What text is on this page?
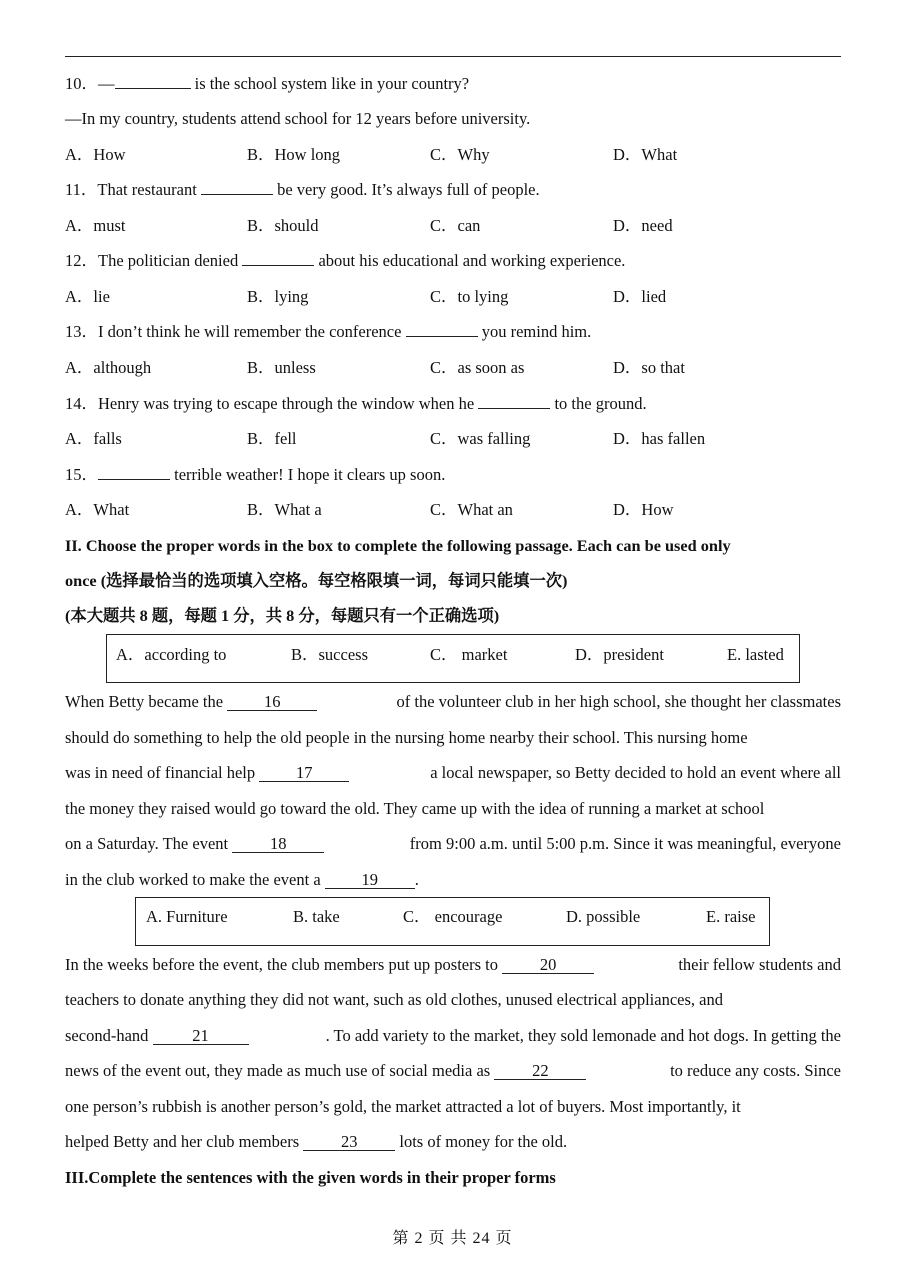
10．—	is the school system like in your country?
—In my country, students attend school for 12 years before university.
A．How	B．How long	C．Why	D．What
11．That restaurant	be very good. It’s always full of people.
A．must	B．should	C．can	D．need
12．The politician denied	about his educational and working experience.
A．lie	B．lying	C．to lying	D．lied
13．I don’t think he will remember the conference	you remind him.
A．although	B．unless	C．as soon as	D．so that
14．Henry was trying to escape through the window when he	to the ground.
A．falls	B．fell	C．was falling	D．has fallen
15．	terrible weather! I hope it clears up soon.
A．What	B．What a	C．What an	D．How
II. Choose the proper words in the box to complete the following passage. Each can be used only
once (选择最恰当的选项填入空格。每空格限填一词，每词只能填一次)
(本大题共 8 题，每题 1 分，共 8 分，每题只有一个正确选项)
A．according to	B．success	C． market	D．president	E. lasted
When Betty became the 16	of the volunteer club in her high school, she thought her classmates
should do something to help the old people in the nursing home nearby their school. This nursing home
was in need of financial help 17	a local newspaper, so Betty decided to hold an event where all
the money they raised would go toward the old. They came up with the idea of running a market at school
on a Saturday. The event 18	from 9:00 a.m. until 5:00 p.m. Since it was meaningful, everyone
in the club worked to make the event a 19 .
A. Furniture	B. take	C． encourage	D. possible	E. raise
In the weeks before the event, the club members put up posters to 20	their fellow students and
teachers to donate anything they did not want, such as old clothes, unused electrical appliances, and
second-hand 21	. To add variety to the market, they sold lemonade and hot dogs. In getting the
news of the event out, they made as much use of social media as 22	to reduce any costs. Since
one person’s rubbish is another person’s gold, the market attracted a lot of buyers. Most importantly, it
helped Betty and her club members 23	lots of money for the old.
III.Complete the sentences with the given words in their proper forms
第 2 页 共 24 页
